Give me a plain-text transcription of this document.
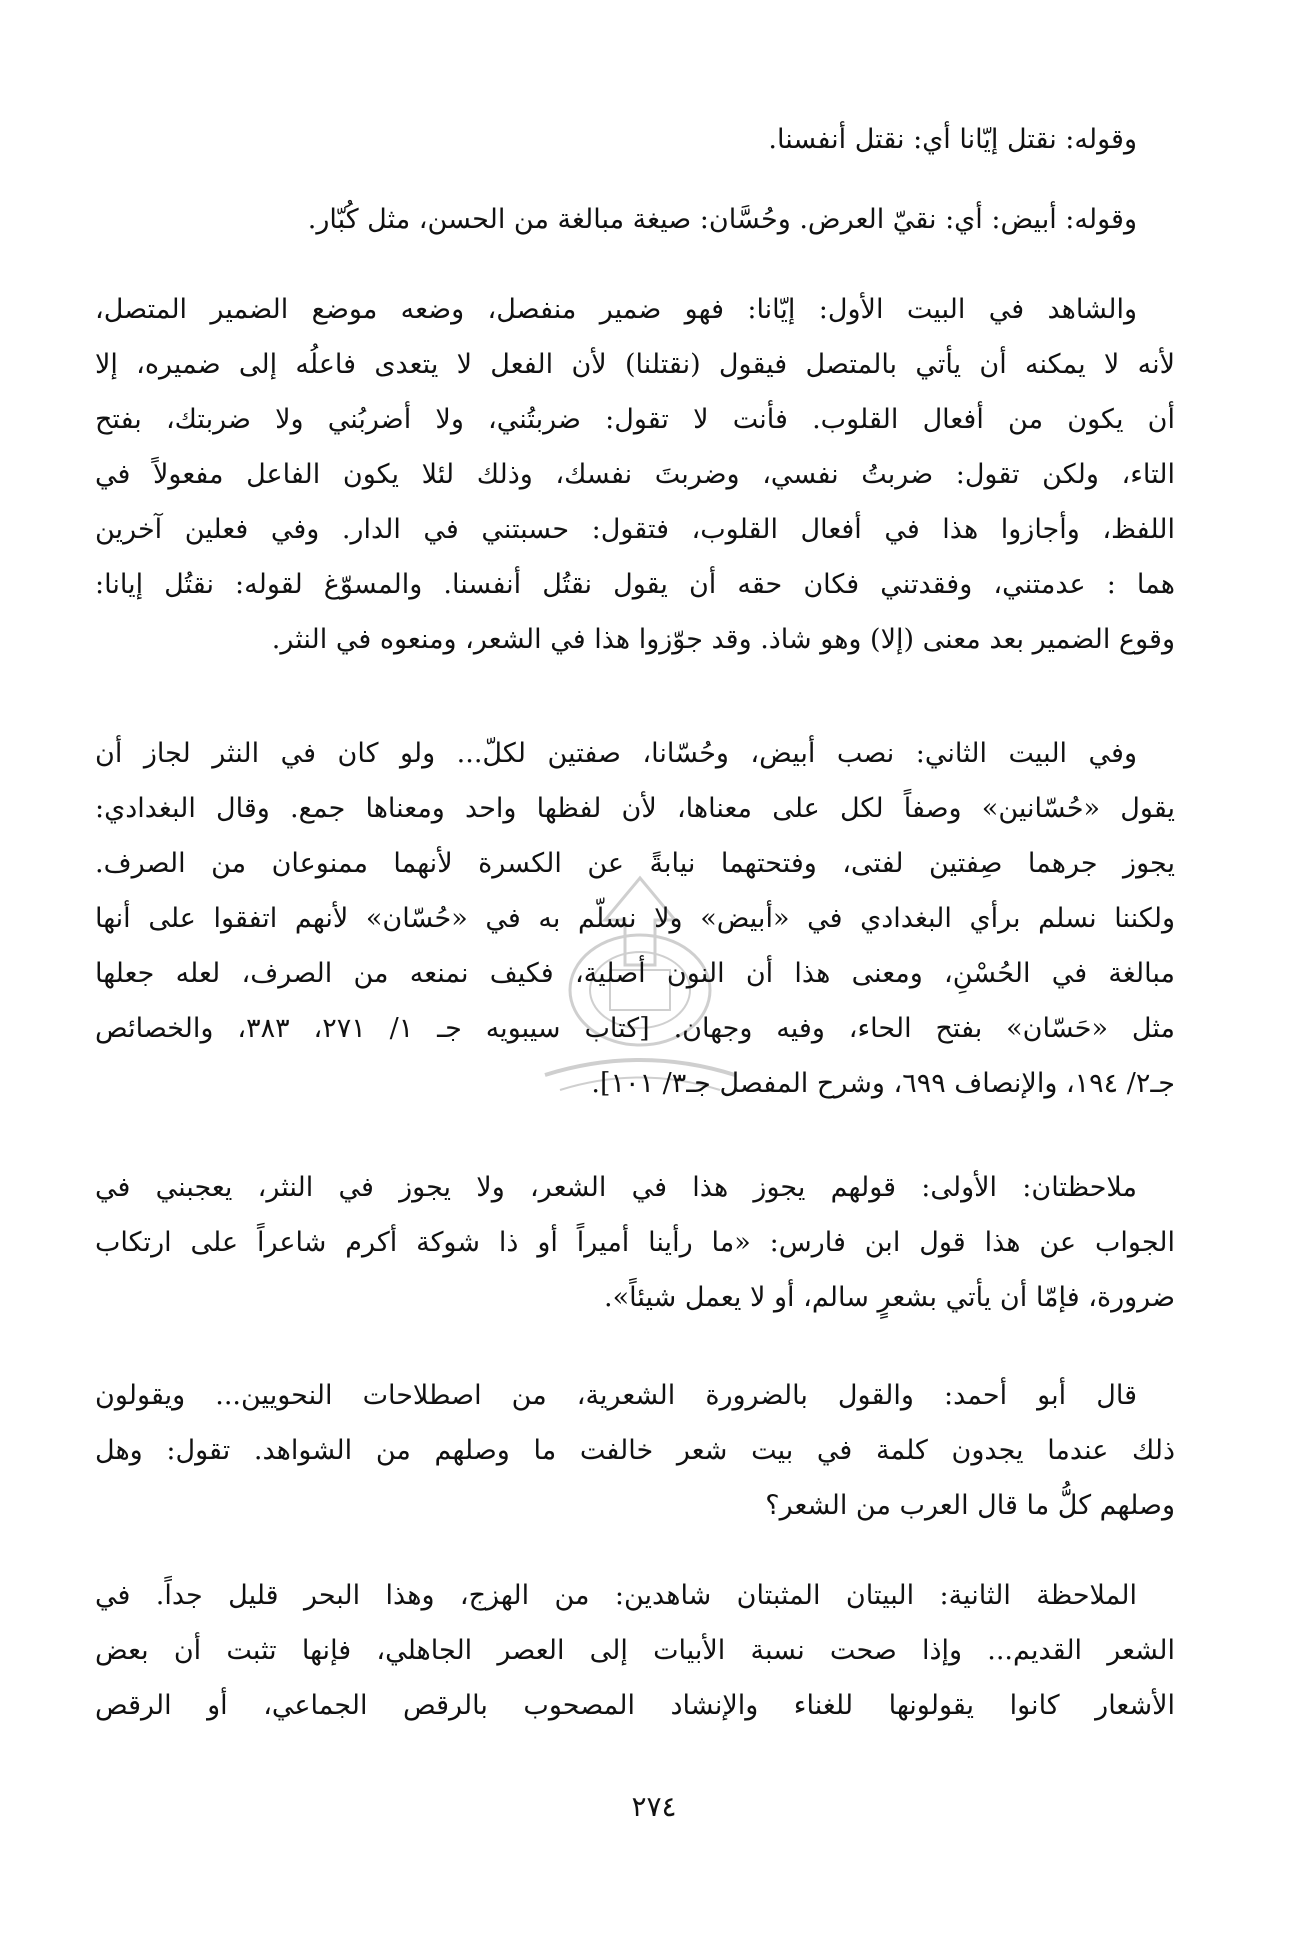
وقوله: نقتل إيّانا أي: نقتل أنفسنا.
وقوله: أبيض: أي: نقيّ العرض. وحُسَّان: صيغة مبالغة من الحسن، مثل كُبّار.
والشاهد في البيت الأول: إيّانا: فهو ضمير منفصل، وضعه موضع الضمير المتصل،
لأنه لا يمكنه أن يأتي بالمتصل فيقول (نقتلنا) لأن الفعل لا يتعدى فاعلُه إلى ضميره، إلا
أن يكون من أفعال القلوب. فأنت لا تقول: ضربتُني، ولا أضربُني ولا ضربتك، بفتح
التاء، ولكن تقول: ضربتُ نفسي، وضربتَ نفسك، وذلك لئلا يكون الفاعل مفعولاً في
اللفظ، وأجازوا هذا في أفعال القلوب، فتقول: حسبتني في الدار. وفي فعلين آخرين
هما : عدمتني، وفقدتني فكان حقه أن يقول نقتُل أنفسنا. والمسوّغ لقوله: نقتُل إيانا:
وقوع الضمير بعد معنى (إلا) وهو شاذ. وقد جوّزوا هذا في الشعر، ومنعوه في النثر.
وفي البيت الثاني: نصب أبيض، وحُسّانا، صفتين لكلّ... ولو كان في النثر لجاز أن
يقول «حُسّانين» وصفاً لكل على معناها، لأن لفظها واحد ومعناها جمع. وقال البغدادي:
يجوز جرهما صِفتين لفتى، وفتحتهما نيابةً عن الكسرة لأنهما ممنوعان من الصرف.
ولكننا نسلم برأي البغدادي في «أبيض» ولا نسلّم به في «حُسّان» لأنهم اتفقوا على أنها
مبالغة في الحُسْنِ، ومعنى هذا أن النون أصلية، فكيف نمنعه من الصرف، لعله جعلها
مثل «حَسّان» بفتح الحاء، وفيه وجهان. [كتاب سيبويه جـ ١/ ٢٧١، ٣٨٣، والخصائص
جـ٢/ ١٩٤، والإنصاف ٦٩٩، وشرح المفصل جـ٣/ ١٠١].
ملاحظتان: الأولى: قولهم يجوز هذا في الشعر، ولا يجوز في النثر، يعجبني في
الجواب عن هذا قول ابن فارس: «ما رأينا أميراً أو ذا شوكة أكرم شاعراً على ارتكاب
ضرورة، فإمّا أن يأتي بشعرٍ سالم، أو لا يعمل شيئاً».
قال أبو أحمد: والقول بالضرورة الشعرية، من اصطلاحات النحويين... ويقولون
ذلك عندما يجدون كلمة في بيت شعر خالفت ما وصلهم من الشواهد. تقول: وهل
وصلهم كلُّ ما قال العرب من الشعر؟
الملاحظة الثانية: البيتان المثبتان شاهدين: من الهزج، وهذا البحر قليل جداً. في
الشعر القديم... وإذا صحت نسبة الأبيات إلى العصر الجاهلي، فإنها تثبت أن بعض
الأشعار كانوا يقولونها للغناء والإنشاد المصحوب بالرقص الجماعي، أو الرقص
٢٧٤
